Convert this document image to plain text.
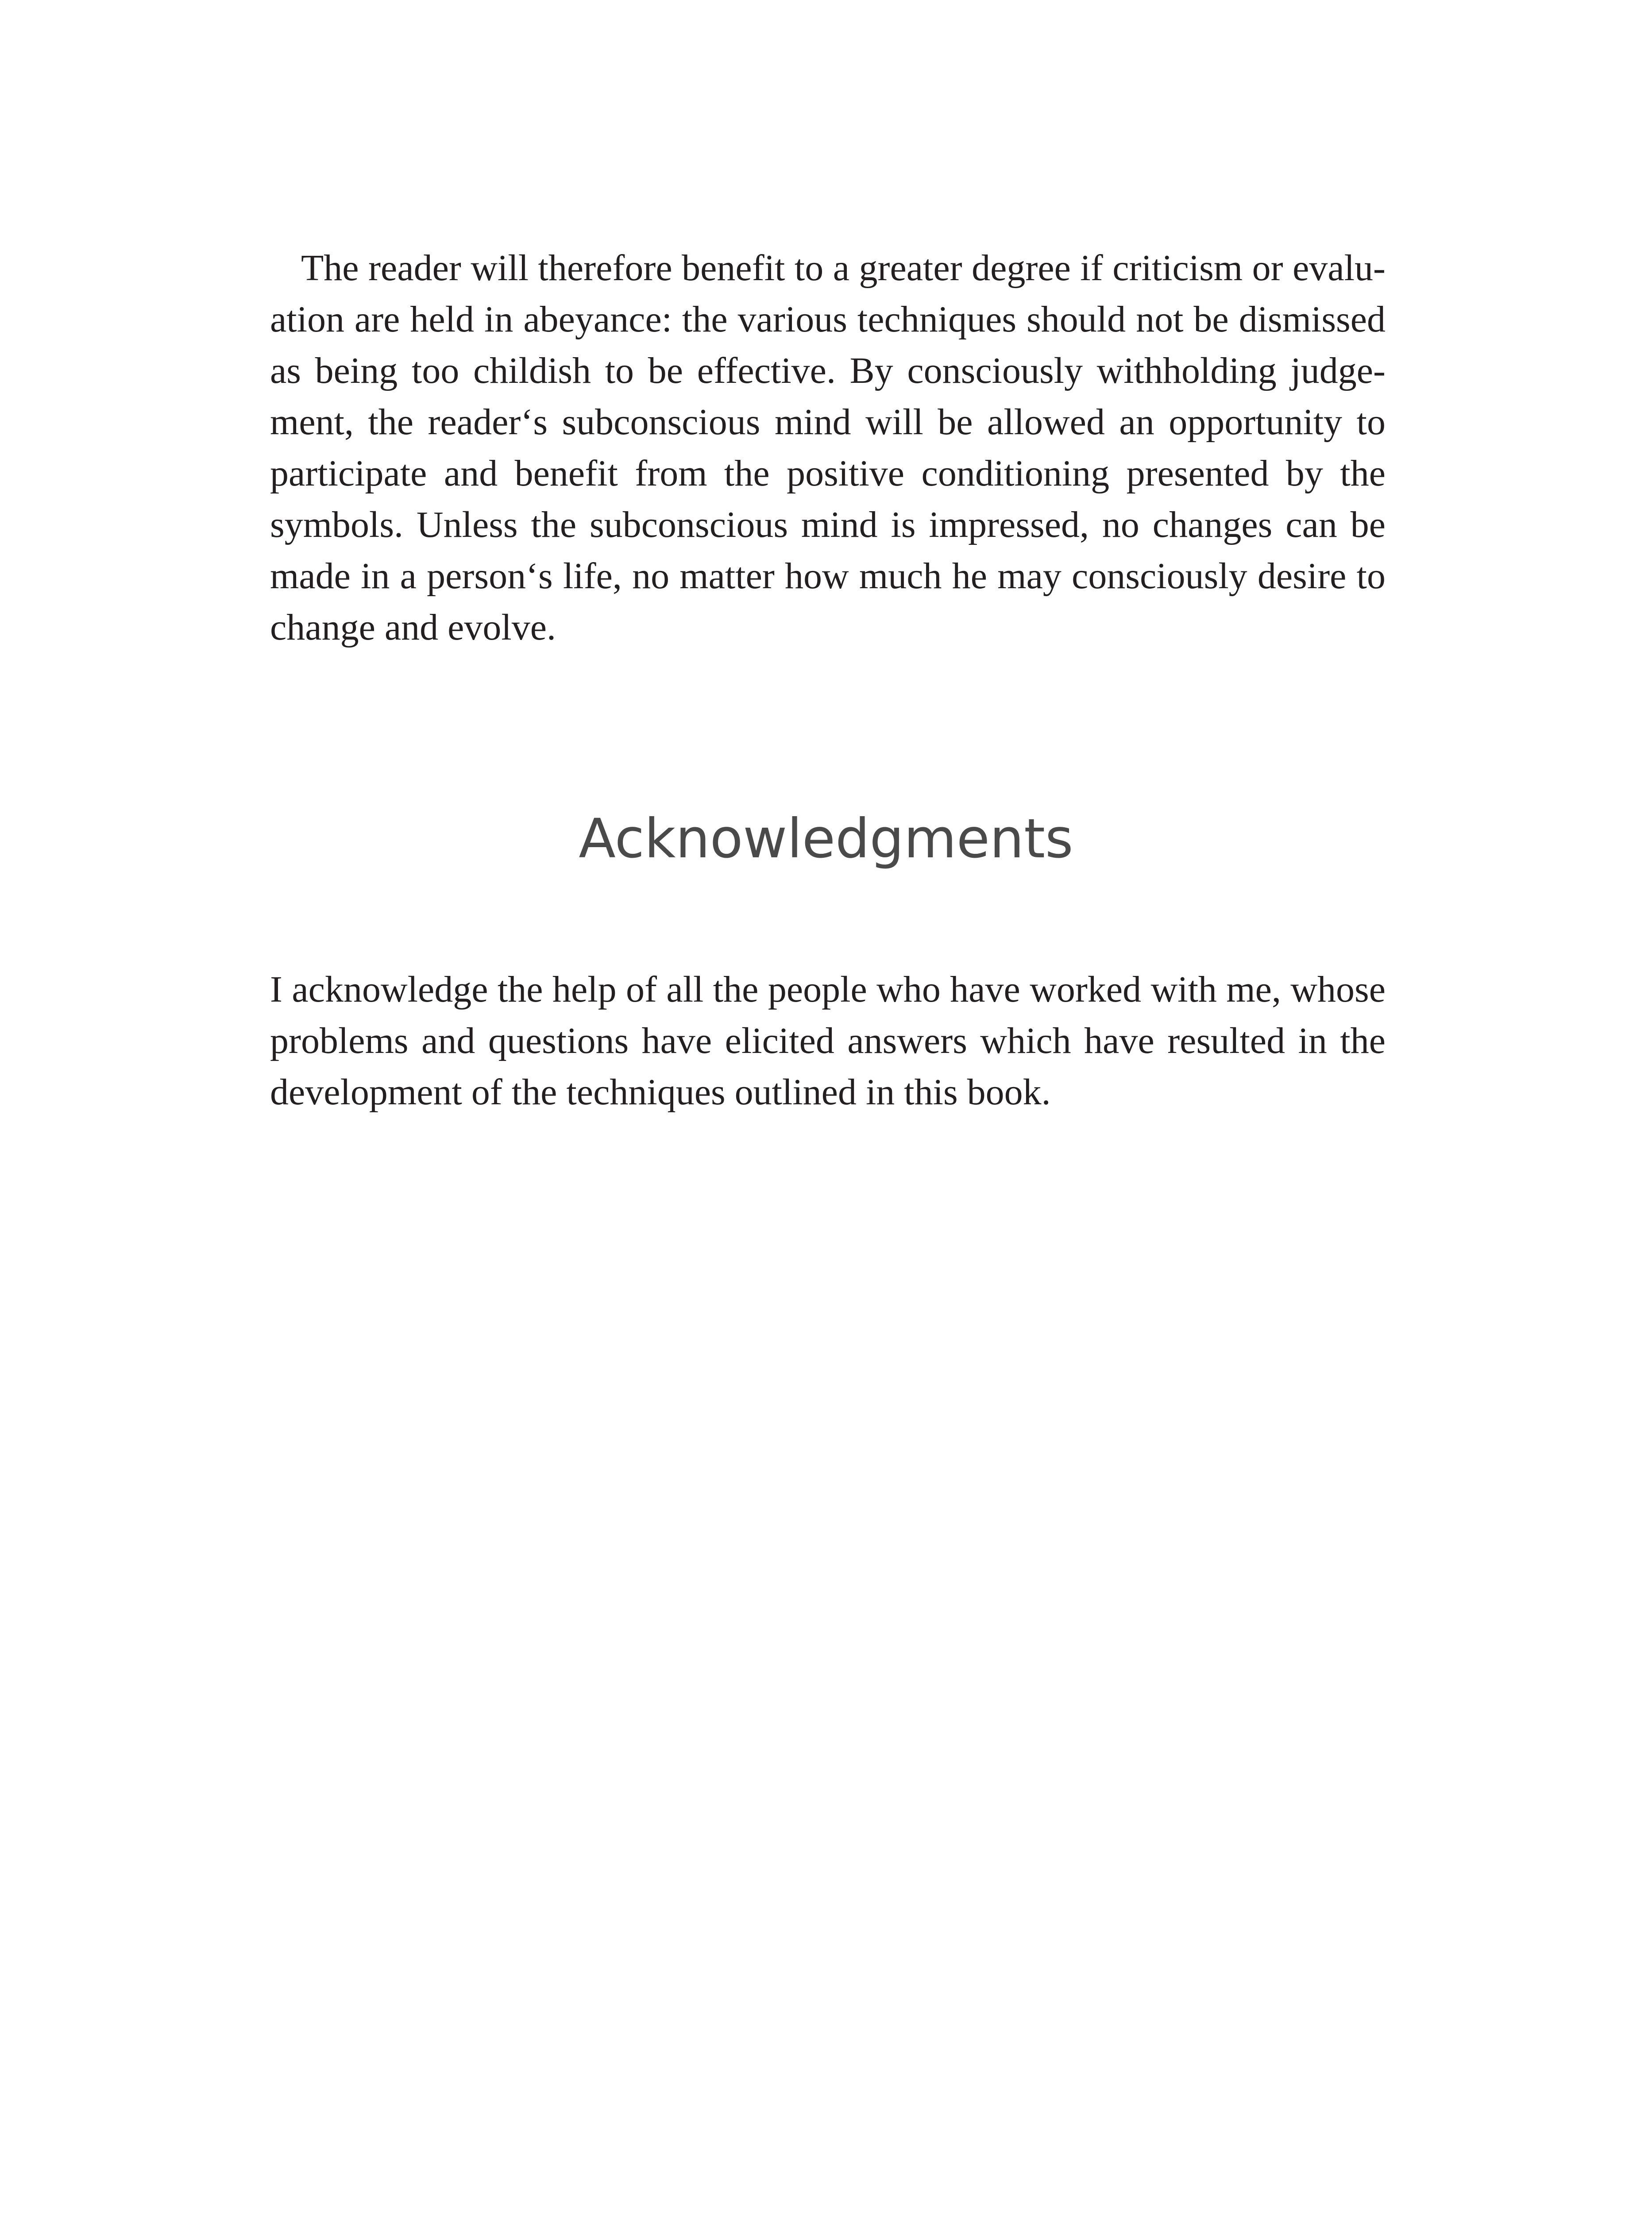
The reader will therefore benefit to a greater degree if criticism or evaluation are held in abeyance: the various techniques should not be dismissed as being too childish to be effective. By consciously withholding judgement, the reader‘s subconscious mind will be allowed an opportunity to participate and benefit from the positive conditioning presented by the symbols. Unless the subconscious mind is impressed, no changes can be made in a person‘s life, no matter how much he may consciously desire to change and evolve.

Acknowledgments

I acknowledge the help of all the people who have worked with me, whose problems and questions have elicited answers which have resulted in the development of the techniques outlined in this book.
